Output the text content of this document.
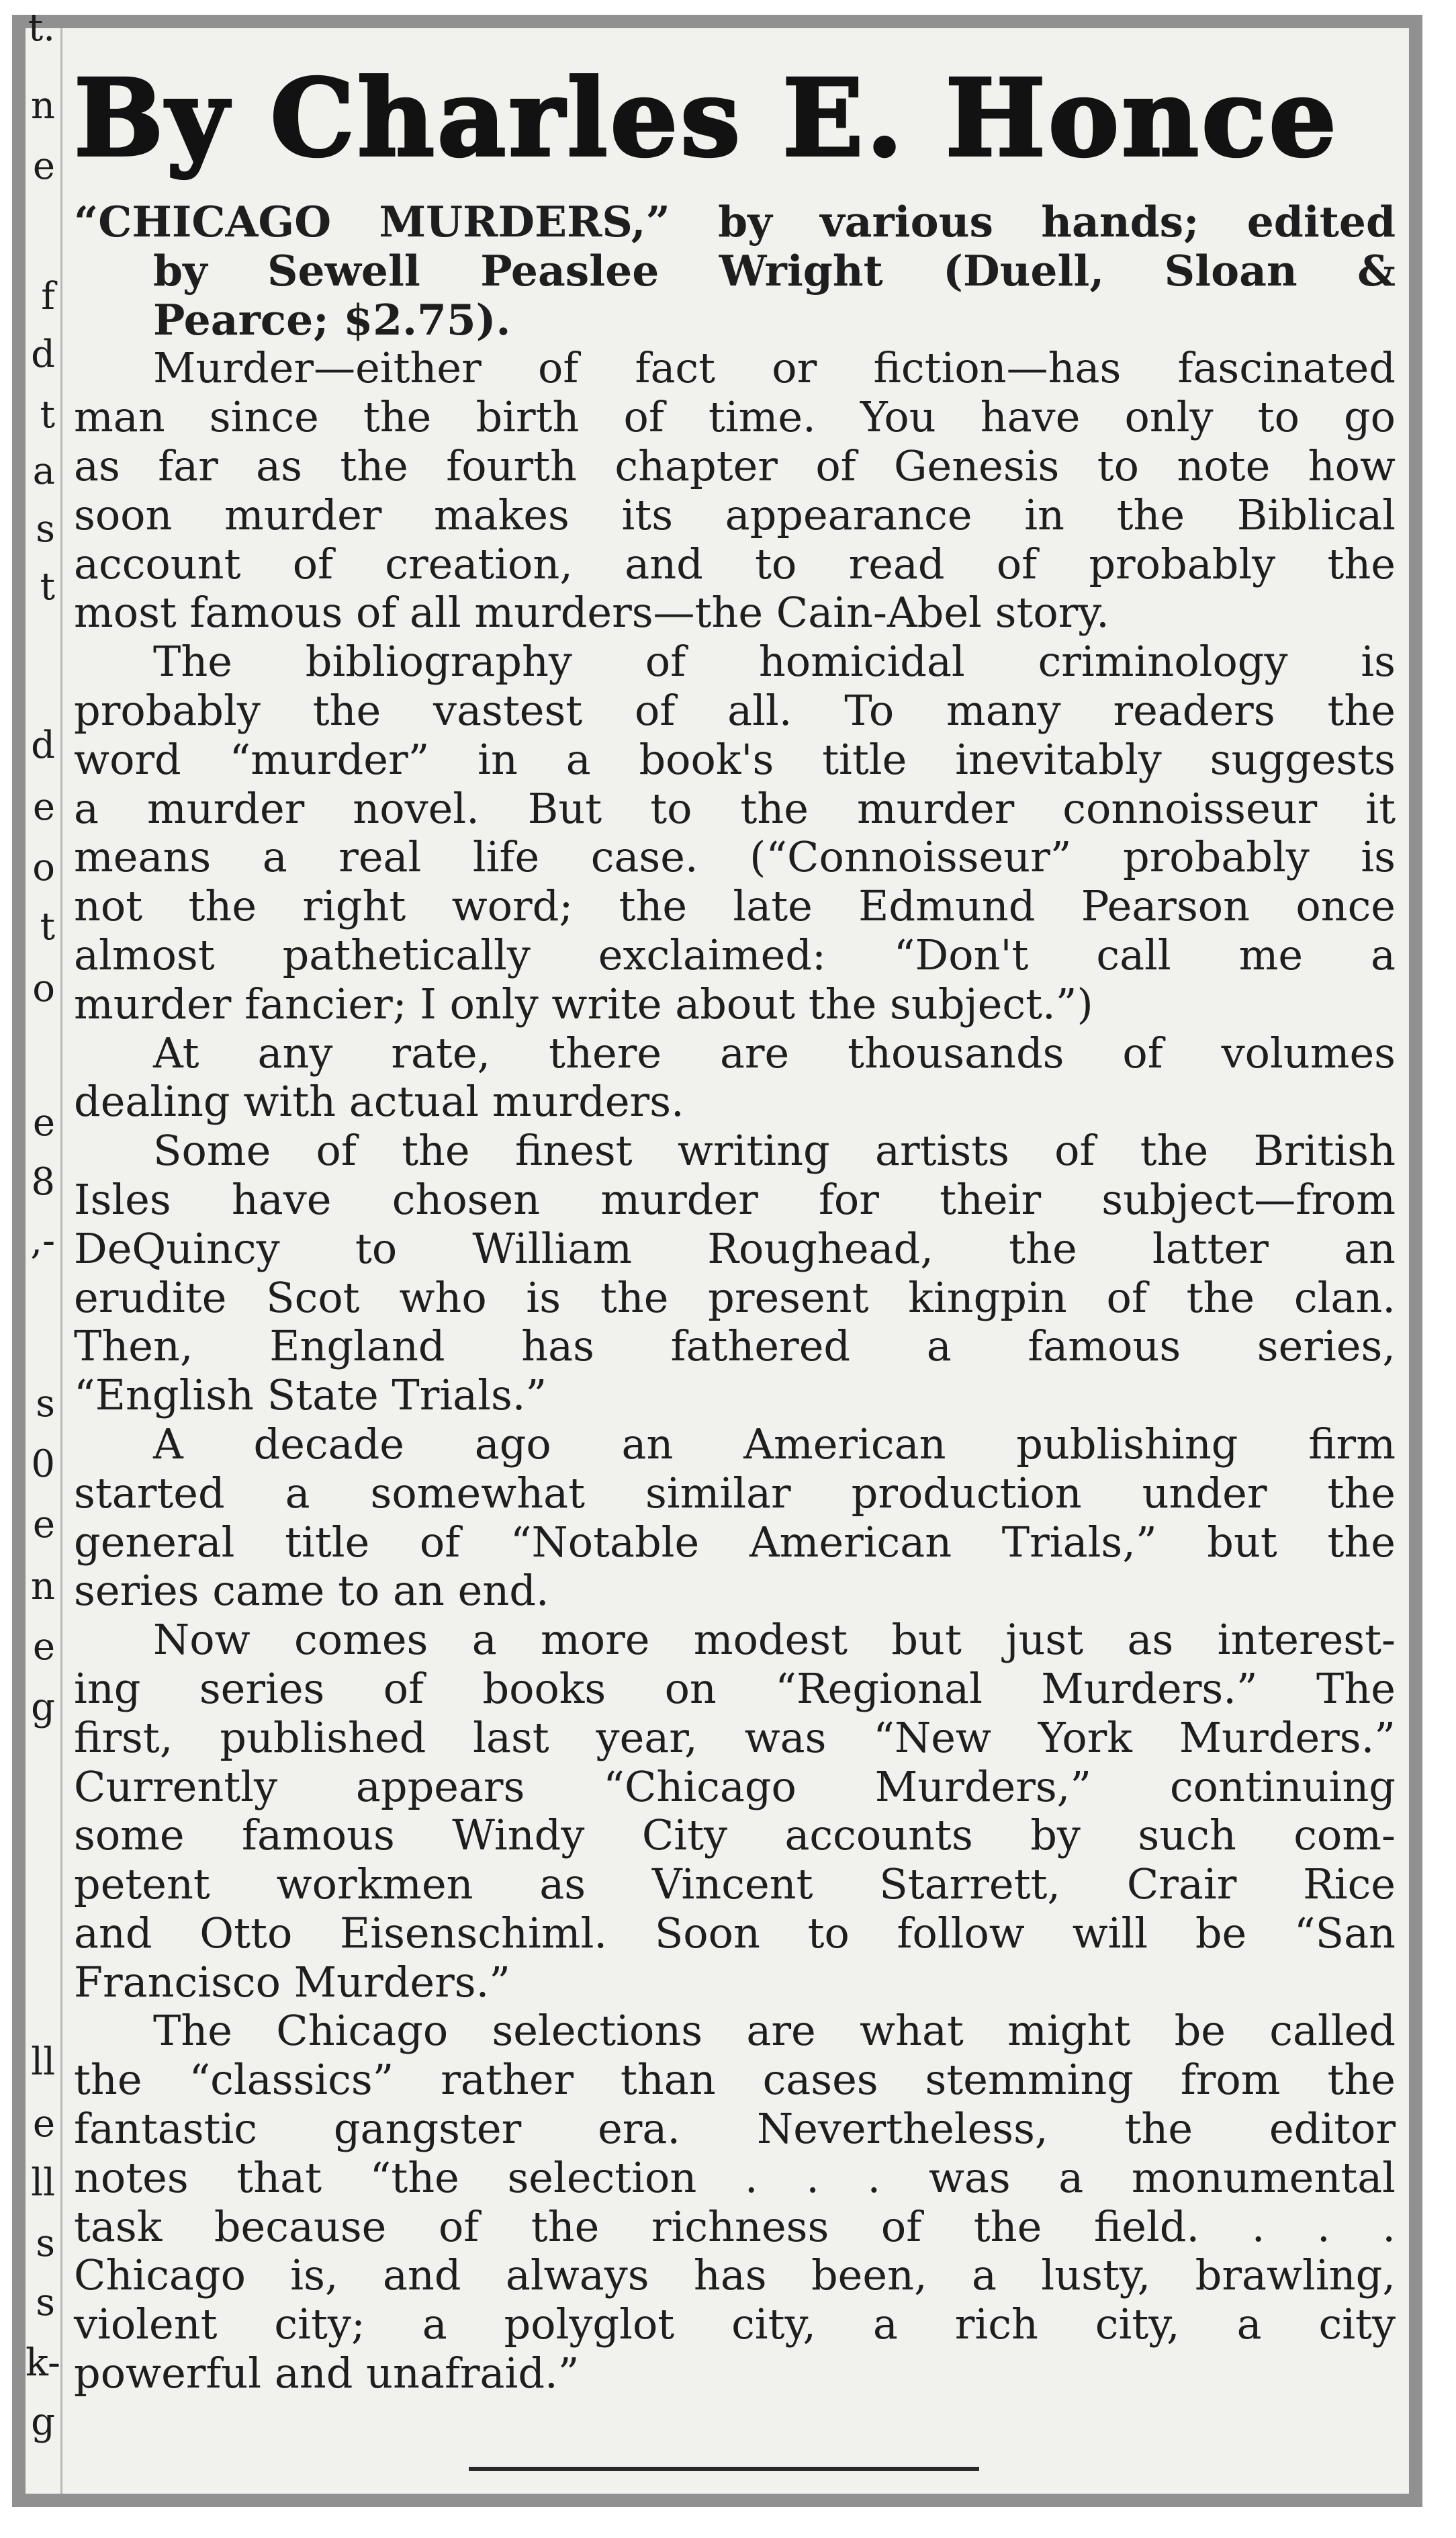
t.
n
e
f
d
t
a
s
t
d
e
o
t
o
e
8
,-
s
0
e
n
e
g
ll
e
ll
s
s
k-
g
By Charles E. Honce
“CHICAGO MURDERS,” by various hands; edited
by Sewell Peaslee Wright (Duell, Sloan &
Pearce; $2.75).
Murder—either of fact or fiction—has fascinated
man since the birth of time. You have only to go
as far as the fourth chapter of Genesis to note how
soon murder makes its appearance in the Biblical
account of creation, and to read of probably the
most famous of all murders—the Cain-Abel story.
The bibliography of homicidal criminology is
probably the vastest of all. To many readers the
word “murder” in a book's title inevitably suggests
a murder novel. But to the murder connoisseur it
means a real life case. (“Connoisseur” probably is
not the right word; the late Edmund Pearson once
almost pathetically exclaimed: “Don't call me a
murder fancier; I only write about the subject.”)
At any rate, there are thousands of volumes
dealing with actual murders.
Some of the finest writing artists of the British
Isles have chosen murder for their subject—from
DeQuincy to William Roughead, the latter an
erudite Scot who is the present kingpin of the clan.
Then, England has fathered a famous series,
“English State Trials.”
A decade ago an American publishing firm
started a somewhat similar production under the
general title of “Notable American Trials,” but the
series came to an end.
Now comes a more modest but just as interest-
ing series of books on “Regional Murders.” The
first, published last year, was “New York Murders.”
Currently appears “Chicago Murders,” continuing
some famous Windy City accounts by such com-
petent workmen as Vincent Starrett, Crair Rice
and Otto Eisenschiml. Soon to follow will be “San
Francisco Murders.”
The Chicago selections are what might be called
the “classics” rather than cases stemming from the
fantastic gangster era. Nevertheless, the editor
notes that “the selection . . . was a monumental
task because of the richness of the field. . . .
Chicago is, and always has been, a lusty, brawling,
violent city; a polyglot city, a rich city, a city
powerful and unafraid.”
